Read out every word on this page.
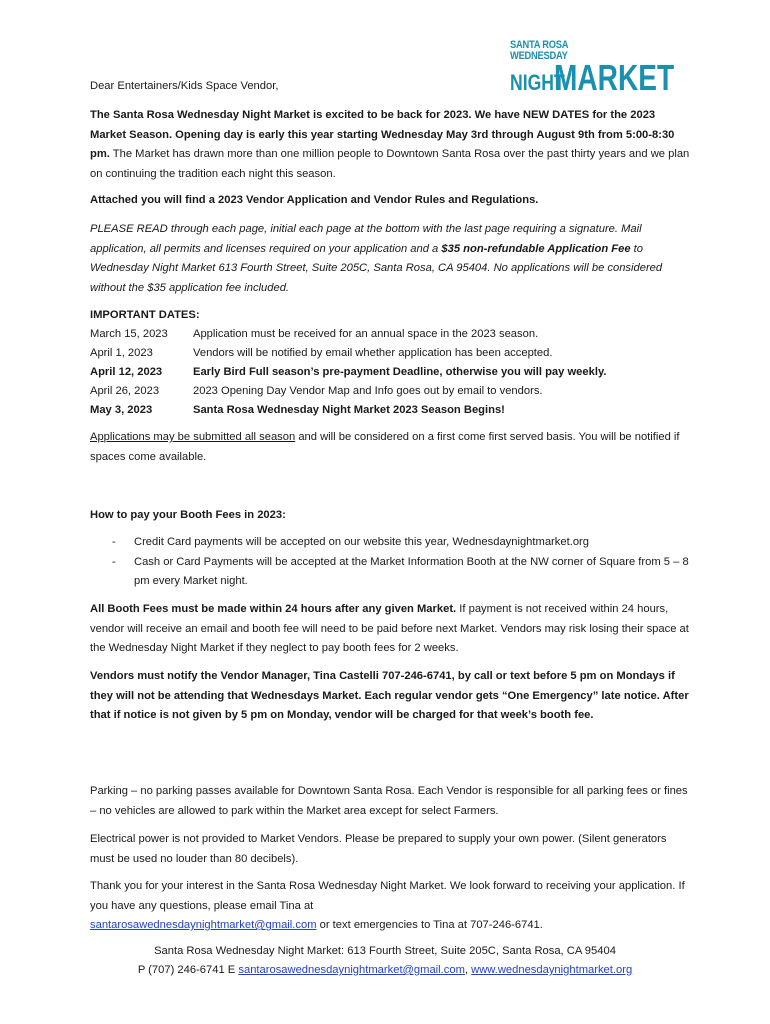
SANTA ROSA
WEDNESDAY
NIGHT
MARKET
Dear Entertainers/Kids Space Vendor,
The Santa Rosa Wednesday Night Market is excited to be back for 2023. We have NEW DATES for the 2023 Market Season. Opening day is early this year starting Wednesday May 3rd through August 9th from 5:00-8:30 pm. The Market has drawn more than one million people to Downtown Santa Rosa over the past thirty years and we plan on continuing the tradition each night this season.
Attached you will find a 2023 Vendor Application and Vendor Rules and Regulations.
PLEASE READ through each page, initial each page at the bottom with the last page requiring a signature. Mail application, all permits and licenses required on your application and a $35 non-refundable Application Fee to Wednesday Night Market 613 Fourth Street, Suite 205C, Santa Rosa, CA 95404. No applications will be considered without the $35 application fee included.
IMPORTANT DATES:
March 15, 2023	Application must be received for an annual space in the 2023 season.
April 1, 2023	Vendors will be notified by email whether application has been accepted.
April 12, 2023	Early Bird Full season’s pre-payment Deadline, otherwise you will pay weekly.
April 26, 2023	2023 Opening Day Vendor Map and Info goes out by email to vendors.
May 3, 2023	Santa Rosa Wednesday Night Market 2023 Season Begins!
Applications may be submitted all season and will be considered on a first come first served basis. You will be notified if spaces come available.
How to pay your Booth Fees in 2023:
-	Credit Card payments will be accepted on our website this year, Wednesdaynightmarket.org
-	Cash or Card Payments will be accepted at the Market Information Booth at the NW corner of Square from 5 – 8 pm every Market night.
All Booth Fees must be made within 24 hours after any given Market. If payment is not received within 24 hours, vendor will receive an email and booth fee will need to be paid before next Market. Vendors may risk losing their space at the Wednesday Night Market if they neglect to pay booth fees for 2 weeks.
Vendors must notify the Vendor Manager, Tina Castelli 707-246-6741, by call or text before 5 pm on Mondays if they will not be attending that Wednesdays Market. Each regular vendor gets “One Emergency” late notice. After that if notice is not given by 5 pm on Monday, vendor will be charged for that week’s booth fee.
Parking – no parking passes available for Downtown Santa Rosa. Each Vendor is responsible for all parking fees or fines – no vehicles are allowed to park within the Market area except for select Farmers.
Electrical power is not provided to Market Vendors. Please be prepared to supply your own power. (Silent generators must be used no louder than 80 decibels).
Thank you for your interest in the Santa Rosa Wednesday Night Market. We look forward to receiving your application. If you have any questions, please email Tina at
santarosawednesdaynightmarket@gmail.com or text emergencies to Tina at 707-246-6741.
Santa Rosa Wednesday Night Market: 613 Fourth Street, Suite 205C, Santa Rosa, CA 95404
P (707) 246-6741 E santarosawednesdaynightmarket@gmail.com, www.wednesdaynightmarket.org
